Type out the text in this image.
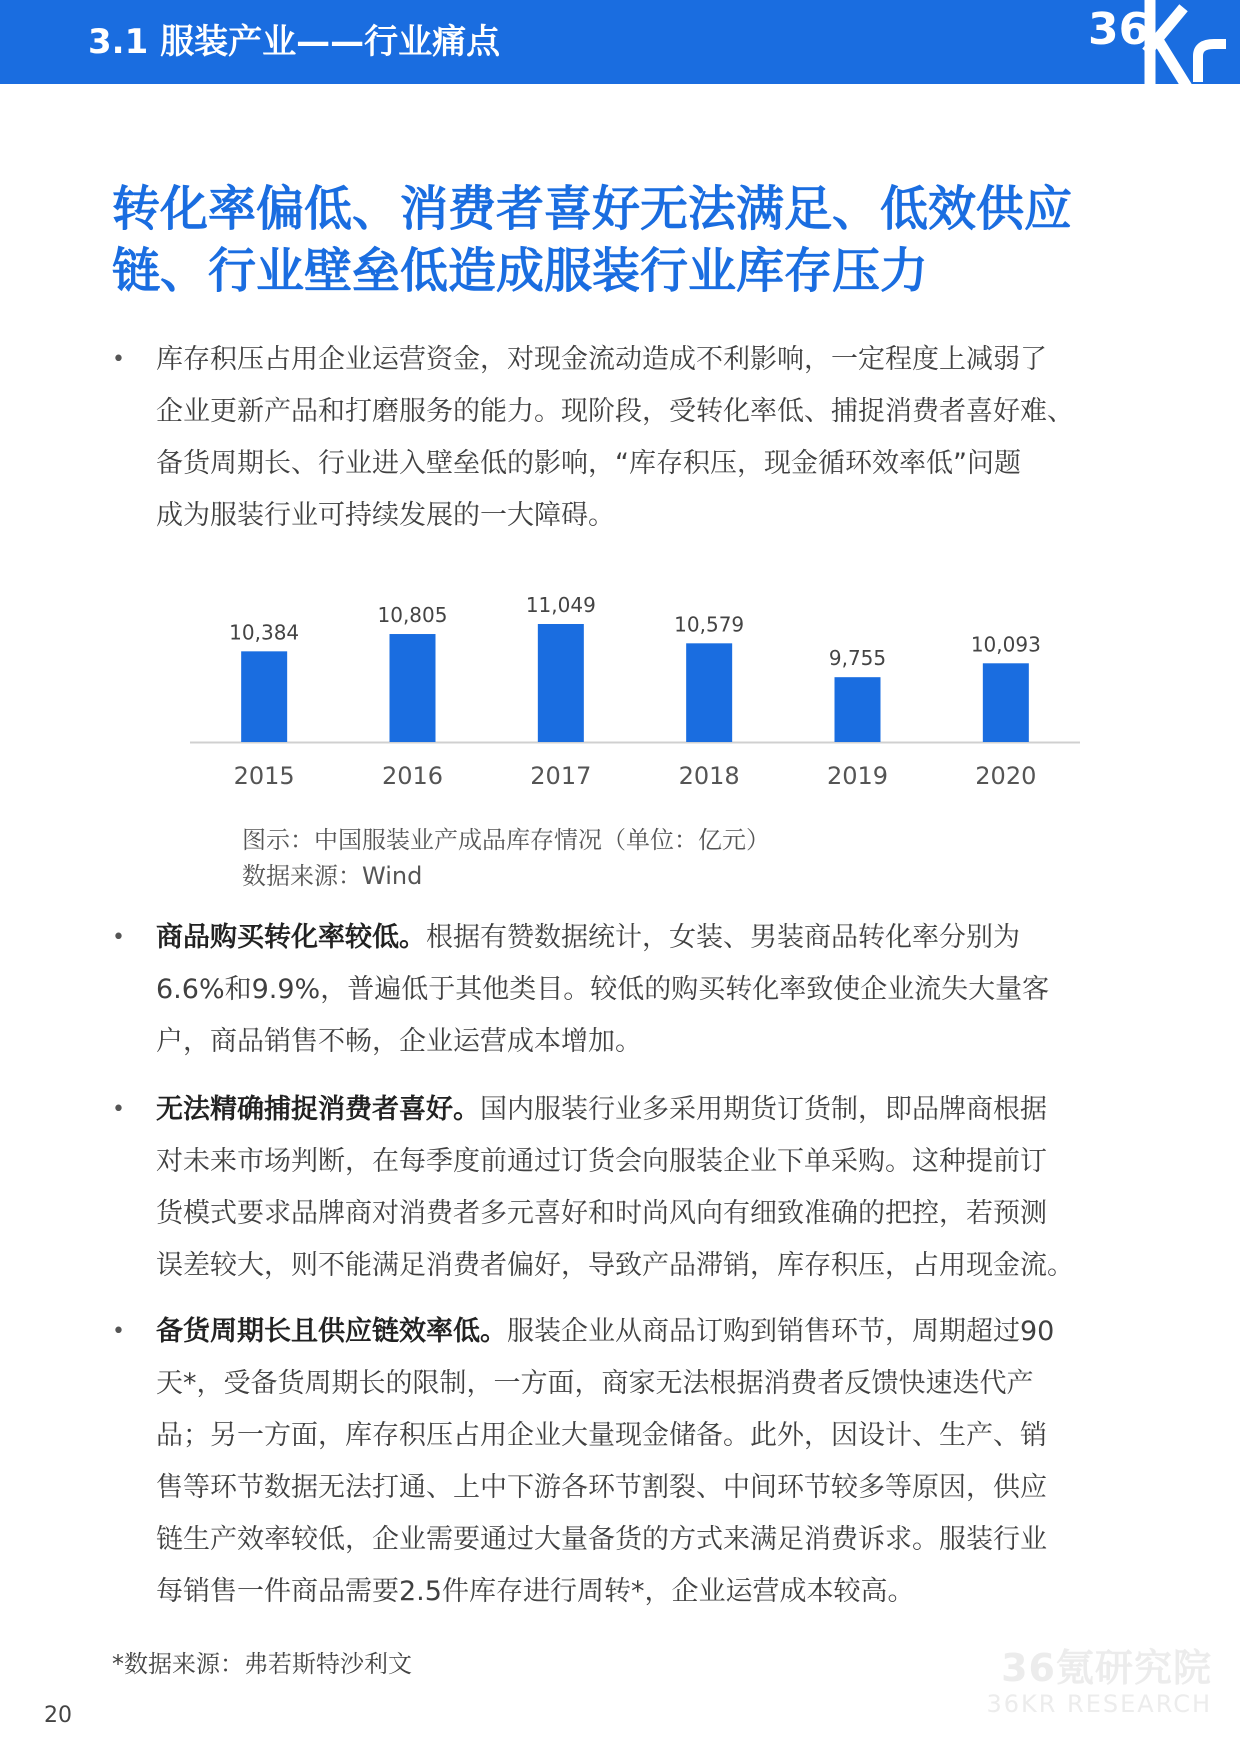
3.1 服装产业——行业痛点	36
转化率偏低、消费者喜好无法满足、低效供应
链、行业壁垒低造成服装行业库存压力
• 库存积压占用企业运营资金，对现金流动造成不利影响，一定程度上减弱了
企业更新产品和打磨服务的能力。现阶段，受转化率低、捕捉消费者喜好难、
备货周期长、行业进入壁垒低的影响，“库存积压，现金循环效率低”问题
成为服装行业可持续发展的一大障碍。
10,384
2015
10,805
2016
11,049
2017
10,579
2018
9,755
2019
10,093
2020
图示：中国服装业产成品库存情况（单位：亿元）
数据来源：Wind
• 商品购买转化率较低。根据有赞数据统计，女装、男装商品转化率分别为
6.6%和9.9%，普遍低于其他类目。较低的购买转化率致使企业流失大量客
户，商品销售不畅，企业运营成本增加。
• 无法精确捕捉消费者喜好。国内服装行业多采用期货订货制，即品牌商根据
对未来市场判断，在每季度前通过订货会向服装企业下单采购。这种提前订
货模式要求品牌商对消费者多元喜好和时尚风向有细致准确的把控，若预测
误差较大，则不能满足消费者偏好，导致产品滞销，库存积压，占用现金流。
• 备货周期长且供应链效率低。服装企业从商品订购到销售环节，周期超过90
天*，受备货周期长的限制，一方面，商家无法根据消费者反馈快速迭代产
品；另一方面，库存积压占用企业大量现金储备。此外，因设计、生产、销
售等环节数据无法打通、上中下游各环节割裂、中间环节较多等原因，供应
链生产效率较低，企业需要通过大量备货的方式来满足消费诉求。服装行业
每销售一件商品需要2.5件库存进行周转*，企业运营成本较高。
*数据来源：弗若斯特沙利文	36氪研究院
36KR RESEARCH
20
